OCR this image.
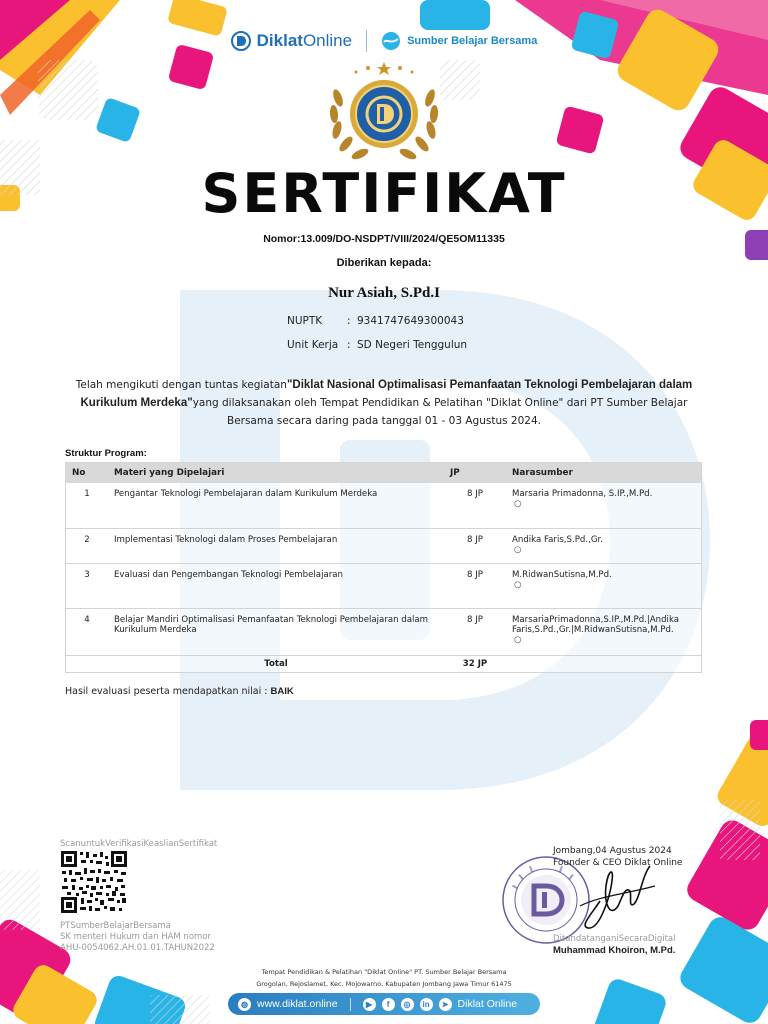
DiklatOnline	Sumber Belajar Bersama
SERTIFIKAT
Nomor:13.009/DO-NSDPT/VIII/2024/QE5OM11335
Diberikan kepada:
Nur Asiah, S.Pd.I
NUPTK	: 9341747649300043
Unit Kerja : SD Negeri Tenggulun
Telah mengikuti dengan tuntas kegiatan"Diklat Nasional Optimalisasi Pemanfaatan Teknologi Pembelajaran dalam Kurikulum Merdeka"yang dilaksanakan oleh Tempat Pendidikan & Pelatihan "Diklat Online" dari PT Sumber Belajar Bersama secara daring pada tanggal 01 - 03 Agustus 2024.
Struktur Program:
No	Materi yang Dipelajari	JP	Narasumber
1	Pengantar Teknologi Pembelajaran dalam Kurikulum Merdeka	8 JP	Marsaria Primadonna, S.IP.,M.Pd.
○

2	Implementasi Teknologi dalam Proses Pembelajaran	8 JP	Andika Faris,S.Pd.,Gr.
○

3	Evaluasi dan Pengembangan Teknologi Pembelajaran	8 JP	M.RidwanSutisna,M.Pd.
○

4	Belajar Mandiri Optimalisasi Pemanfaatan Teknologi Pembelajaran dalam Kurikulum Merdeka	8 JP	MarsariaPrimadonna,S.IP.,M.Pd.|Andika Faris,S.Pd.,Gr.|M.RidwanSutisna,M.Pd.
○

	Total	32 JP	
Hasil evaluasi peserta mendapatkan nilai : BAIK
ScanuntukVerifikasiKeaslianSertifikat
PTSumberBelajarBersama
SK menteri Hukum dan HAM nomor
AHU-0054062.AH.01.01.TAHUN2022
Jombang,04 Agustus 2024
Founder & CEO Diklat Online
DitandatanganiSecaraDigital
Muhammad Khoiron, M.Pd.
Tempat Pendidikan & Pelatihan "Diklat Online" PT. Sumber Belajar Bersama
Grogolan, Rejoslamet, Kec. Mojowarno, Kabupaten Jombang Jawa Timur 61475
◍ www.diklat.online	▶	f	◎	in	➤ Diklat Online
